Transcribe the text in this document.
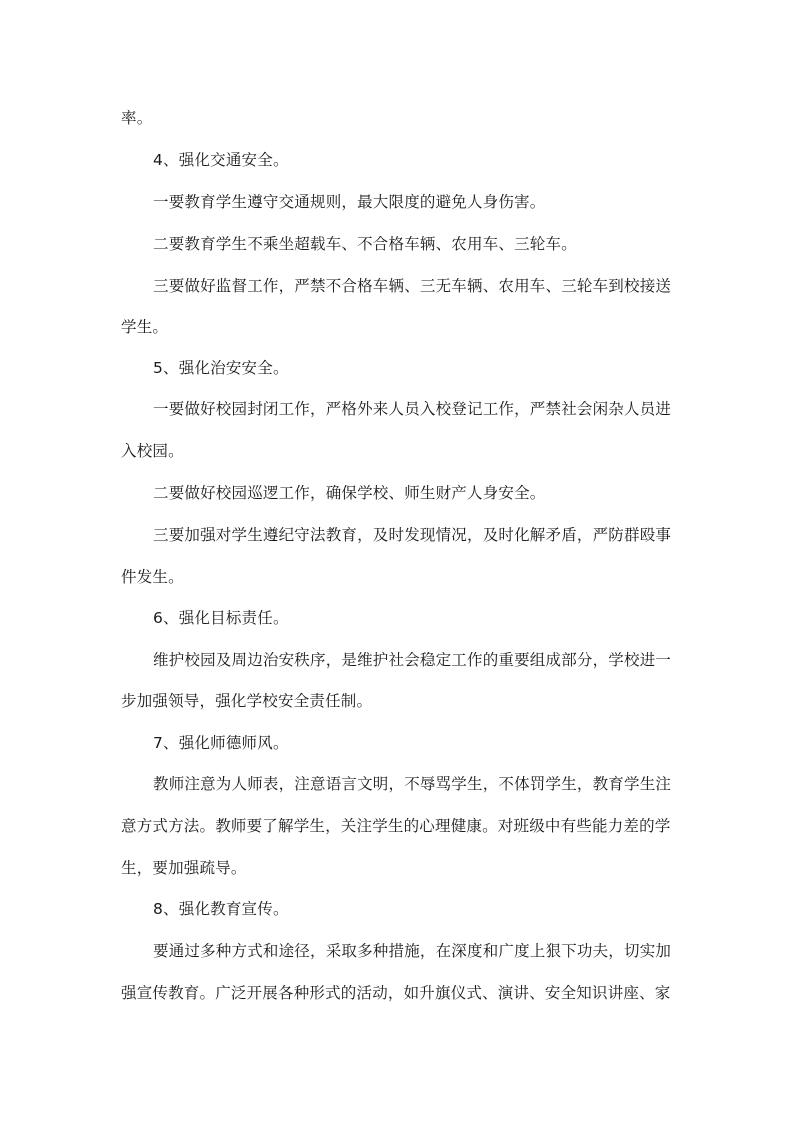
率。
4、强化交通安全。
一要教育学生遵守交通规则，最大限度的避免人身伤害。
二要教育学生不乘坐超载车、不合格车辆、农用车、三轮车。
三要做好监督工作，严禁不合格车辆、三无车辆、农用车、三轮车到校接送
学生。
5、强化治安安全。
一要做好校园封闭工作，严格外来人员入校登记工作，严禁社会闲杂人员进
入校园。
二要做好校园巡逻工作，确保学校、师生财产人身安全。
三要加强对学生遵纪守法教育，及时发现情况，及时化解矛盾，严防群殴事
件发生。
6、强化目标责任。
维护校园及周边治安秩序，是维护社会稳定工作的重要组成部分，学校进一
步加强领导，强化学校安全责任制。
7、强化师德师风。
教师注意为人师表，注意语言文明，不辱骂学生，不体罚学生，教育学生注
意方式方法。教师要了解学生，关注学生的心理健康。对班级中有些能力差的学
生，要加强疏导。
8、强化教育宣传。
要通过多种方式和途径，采取多种措施，在深度和广度上狠下功夫，切实加
强宣传教育。广泛开展各种形式的活动，如升旗仪式、演讲、安全知识讲座、家
